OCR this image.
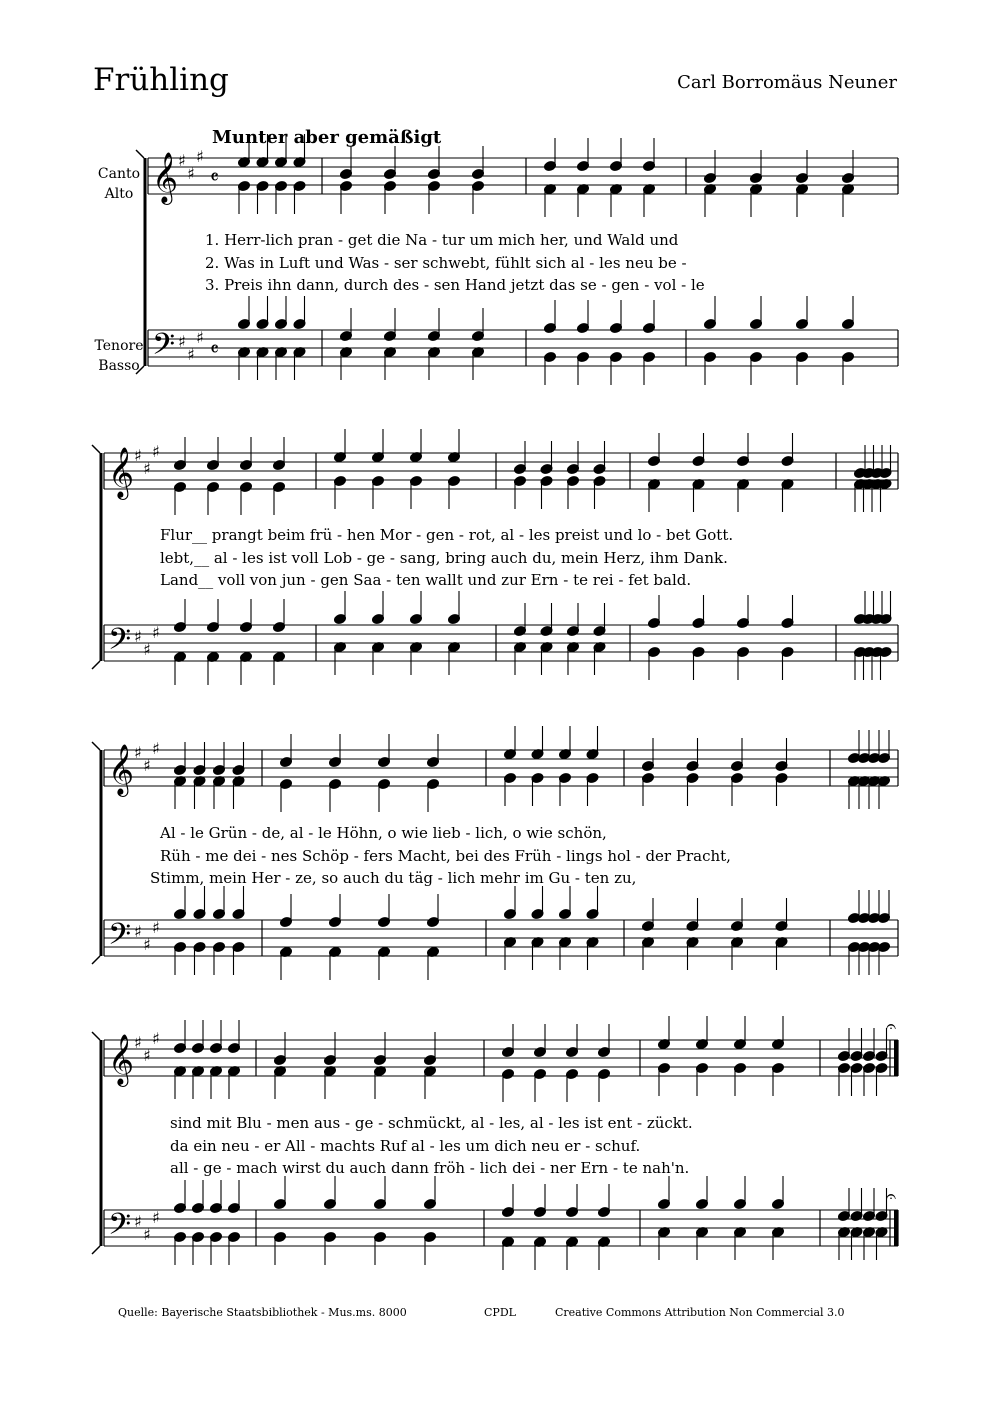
Frühling	Carl Borromäus Neuner
Munter aber gemäßigt
Canto
Alto
Tenore
Basso
𝄞
𝄢
♯
♯
♯
♯
♯
♯
𝄴
𝄴
𝄞
𝄢
♯
♯
♯
♯
♯
♯
𝄞
𝄢
♯
♯
♯
♯
♯
♯
𝄞
𝄢
♯
♯
♯
♯
♯
♯
𝄐
𝄐
1. Herr-lich pran - get die Na - tur um mich her, und Wald und
2. Was in Luft und Was - ser schwebt, fühlt sich al - les neu be -
3. Preis ihn dann, durch des - sen Hand jetzt das se - gen - vol - le
Flur__ prangt beim frü - hen Mor - gen - rot, al - les preist und lo - bet Gott.
lebt,__ al - les ist voll Lob - ge - sang, bring auch du, mein Herz, ihm Dank.
Land__ voll von jun - gen Saa - ten wallt und zur Ern - te rei - fet bald.
Al - le Grün - de, al - le Höhn, o wie lieb - lich, o wie schön,
Rüh - me dei - nes Schöp - fers Macht, bei des Früh - lings hol - der Pracht,
Stimm, mein Her - ze, so auch du täg - lich mehr im Gu - ten zu,
sind mit Blu - men aus - ge - schmückt, al - les, al - les ist ent - zückt.
da ein neu - er All - machts Ruf al - les um dich neu er - schuf.
all - ge - mach wirst du auch dann fröh - lich dei - ner Ern - te nah'n.
Quelle: Bayerische Staatsbibliothek - Mus.ms. 8000	CPDL	Creative Commons Attribution Non Commercial 3.0
